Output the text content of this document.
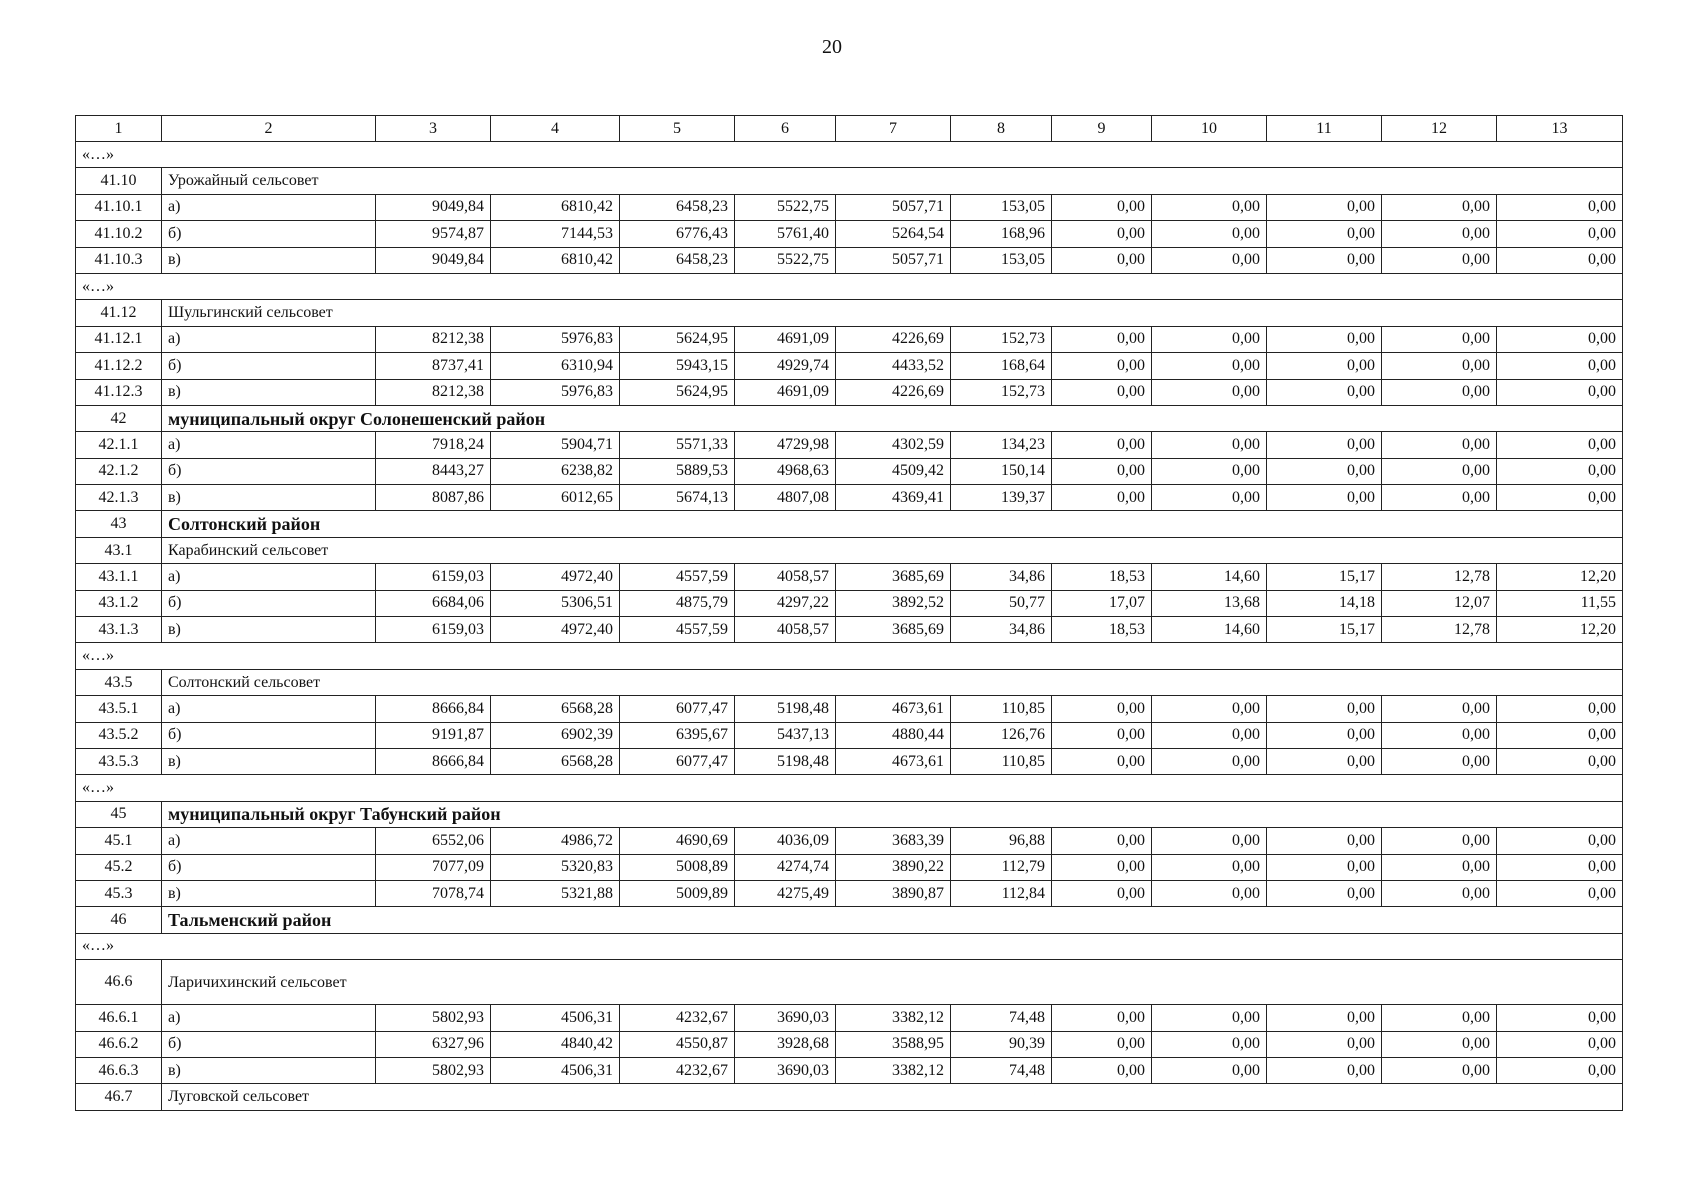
20
1	2	3	4	5	6	7	8	9	10	11	12	13
«…»												
41.10	Урожайный сельсовет											
41.10.1	а)	9049,84	6810,42	6458,23	5522,75	5057,71	153,05	0,00	0,00	0,00	0,00	0,00
41.10.2	б)	9574,87	7144,53	6776,43	5761,40	5264,54	168,96	0,00	0,00	0,00	0,00	0,00
41.10.3	в)	9049,84	6810,42	6458,23	5522,75	5057,71	153,05	0,00	0,00	0,00	0,00	0,00
«…»												
41.12	Шульгинский сельсовет											
41.12.1	а)	8212,38	5976,83	5624,95	4691,09	4226,69	152,73	0,00	0,00	0,00	0,00	0,00
41.12.2	б)	8737,41	6310,94	5943,15	4929,74	4433,52	168,64	0,00	0,00	0,00	0,00	0,00
41.12.3	в)	8212,38	5976,83	5624,95	4691,09	4226,69	152,73	0,00	0,00	0,00	0,00	0,00
42	муниципальный округ Солонешенский район											
42.1.1	а)	7918,24	5904,71	5571,33	4729,98	4302,59	134,23	0,00	0,00	0,00	0,00	0,00
42.1.2	б)	8443,27	6238,82	5889,53	4968,63	4509,42	150,14	0,00	0,00	0,00	0,00	0,00
42.1.3	в)	8087,86	6012,65	5674,13	4807,08	4369,41	139,37	0,00	0,00	0,00	0,00	0,00
43	Солтонский район											
43.1	Карабинский сельсовет											
43.1.1	а)	6159,03	4972,40	4557,59	4058,57	3685,69	34,86	18,53	14,60	15,17	12,78	12,20
43.1.2	б)	6684,06	5306,51	4875,79	4297,22	3892,52	50,77	17,07	13,68	14,18	12,07	11,55
43.1.3	в)	6159,03	4972,40	4557,59	4058,57	3685,69	34,86	18,53	14,60	15,17	12,78	12,20
«…»												
43.5	Солтонский сельсовет											
43.5.1	а)	8666,84	6568,28	6077,47	5198,48	4673,61	110,85	0,00	0,00	0,00	0,00	0,00
43.5.2	б)	9191,87	6902,39	6395,67	5437,13	4880,44	126,76	0,00	0,00	0,00	0,00	0,00
43.5.3	в)	8666,84	6568,28	6077,47	5198,48	4673,61	110,85	0,00	0,00	0,00	0,00	0,00
«…»												
45	муниципальный округ Табунский район											
45.1	а)	6552,06	4986,72	4690,69	4036,09	3683,39	96,88	0,00	0,00	0,00	0,00	0,00
45.2	б)	7077,09	5320,83	5008,89	4274,74	3890,22	112,79	0,00	0,00	0,00	0,00	0,00
45.3	в)	7078,74	5321,88	5009,89	4275,49	3890,87	112,84	0,00	0,00	0,00	0,00	0,00
46	Тальменский район											
«…»												
46.6	Ларичихинский сельсовет											
46.6.1	а)	5802,93	4506,31	4232,67	3690,03	3382,12	74,48	0,00	0,00	0,00	0,00	0,00
46.6.2	б)	6327,96	4840,42	4550,87	3928,68	3588,95	90,39	0,00	0,00	0,00	0,00	0,00
46.6.3	в)	5802,93	4506,31	4232,67	3690,03	3382,12	74,48	0,00	0,00	0,00	0,00	0,00
46.7	Луговской сельсовет											
